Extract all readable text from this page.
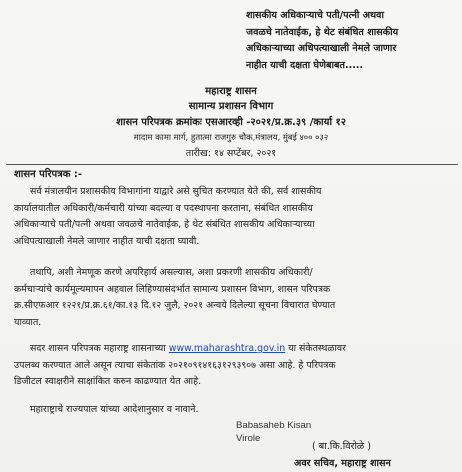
शासकीय अधिकाऱ्याचे पती/पत्नी अथवा
जवळचे नातेवाईक, हे थेट संबंधित शासकीय
अधिकाऱ्याच्या अधिपत्याखाली नेमले जाणार
नाहीत याची दक्षता घेणेबाबत.....
महाराष्ट्र शासन
सामान्य प्रशासन विभाग
शासन परिपत्रक क्रमांकः एसआरव्ही -२०२१/प्र.क्र.३९ /कार्या १२
मादाम कामा मार्ग, हुतात्मा राजगुरु चौक,मंत्रालय, मुंबई ४०० ०३२
तारीख: १४ सप्टेंबर, २०२१
शासन परिपत्रक :-
सर्व मंत्रालयीन प्रशासकीय विभागांना याद्वारे असे सुचित करण्यात येते की, सर्व शासकीय
कार्यालयातील अधिकारी/कर्मचारी यांच्या बदल्या व पदस्थापना करताना, संबंधित शासकीय
अधिकाऱ्याचे पती/पत्नी अथवा जवळचे नातेवाईक, हे थेट संबंधित शासकीय अधिकाऱ्याच्या
अधिपत्याखाली नेमले जाणार नाहीत याची दक्षता घ्यावी.
तथापि, अशी नेमणूक करणे अपरिहार्य असल्यास, अशा प्रकरणी शासकीय अधिकारी/
कर्मचाऱ्यांचे कार्यमूल्यमापन अहवाल लिहिण्यासंदर्भात सामान्य प्रशासन विभाग, शासन परिपत्रक
क्र.सीएफआर १२२१/प्र.क्र.६१/का.१३ दि.१२ जुलै, २०२१ अन्वये दिलेल्या सूचना विचारात घेण्यात
याव्यात.
सदर शासन परिपत्रक महाराष्ट्र शासनाच्या www.maharashtra.gov.in या संकेतस्थळावर
उपलब्ध करण्यात आले असून त्याचा संकेतांक २०२१०९१४१६३१२९३९०७ असा आहे. हे परिपत्रक
डिजीटल स्वाक्षरीने साक्षांकित करुन काढण्यात येत आहे.
महाराष्ट्राचे राज्यपाल यांच्या आदेशानुसार व नावाने.
Babasaheb Kisan
Virole
( बा.कि.विरोळे )
अवर सचिव, महाराष्ट्र शासन
